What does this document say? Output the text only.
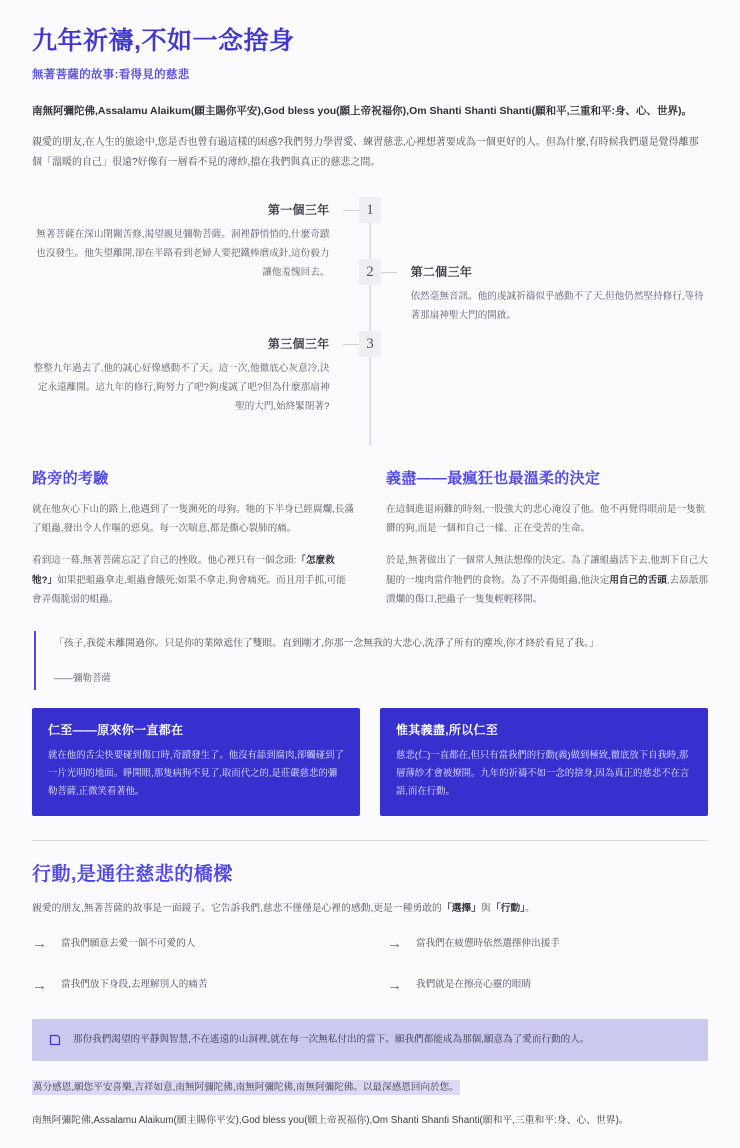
九年祈禱,不如一念捨身
無著菩薩的故事:看得見的慈悲

南無阿彌陀佛,Assalamu Alaikum(願主賜你平安),God bless you(願上帝祝福你),Om Shanti Shanti Shanti(願和平,三重和平:身、心、世界)。

親愛的朋友,在人生的旅途中,您是否也曾有過這樣的困惑?我們努力學習愛、練習慈悲,心裡想著要成為一個更好的人。但為什麼,有時候我們還是覺得離那個「溫暖的自己」很遠?好像有一層看不見的薄紗,擋在我們與真正的慈悲之間。

1
第一個三年
無著菩薩在深山閉關苦修,渴望親見彌勒菩薩。洞裡靜悄悄的,什麼奇蹟也沒發生。他失望離開,卻在半路看到老婦人要把鐵棒磨成針,這份毅力讓他羞愧回去。	2	第二個三年
依然毫無音訊。他的虔誠祈禱似乎感動不了天,但他仍然堅持修行,等待著那扇神聖大門的開啟。
3
第三個三年
整整九年過去了,他的誠心好像感動不了天。這一次,他徹底心灰意冷,決定永遠離開。這九年的修行,夠努力了吧?夠虔誠了吧?但為什麼那扇神聖的大門,始終緊閉著?
路旁的考驗

就在他灰心下山的路上,他遇到了一隻瀕死的母狗。牠的下半身已經腐爛,長滿了蛆蟲,發出令人作嘔的惡臭。每一次喘息,都是撕心裂肺的痛。

看到這一幕,無著菩薩忘記了自己的挫敗。他心裡只有一個念頭:「怎麼救牠?」如果把蛆蟲拿走,蛆蟲會餓死;如果不拿走,狗會痛死。而且用手抓,可能會弄傷脆弱的蛆蟲。

義盡——最瘋狂也最溫柔的決定

在這個進退兩難的時刻,一股強大的悲心淹沒了他。他不再覺得眼前是一隻骯髒的狗,而是一個和自己一樣、正在受苦的生命。

於是,無著做出了一個常人無法想像的決定。為了讓蛆蟲活下去,他割下自己大腿的一塊肉當作牠們的食物。為了不弄傷蛆蟲,他決定用自己的舌頭,去舔舐那潰爛的傷口,把蟲子一隻隻輕輕移開。

「孩子,我從未離開過你。只是你的業障遮住了雙眼。直到剛才,你那一念無我的大悲心,洗淨了所有的塵埃,你才終於看見了我。」

——彌勒菩薩

仁至——原來你一直都在
就在他的舌尖快要碰到傷口時,奇蹟發生了。他沒有舔到腐肉,卻觸碰到了一片光明的地面。睜開眼,那隻病狗不見了,取而代之的,是莊嚴慈悲的彌勒菩薩,正微笑看著他。
惟其義盡,所以仁至
慈悲(仁)一直都在,但只有當我們的行動(義)做到極致,徹底放下自我時,那層薄紗才會被撩開。九年的祈禱不如一念的捨身,因為真正的慈悲不在言語,而在行動。
行動,是通往慈悲的橋樑

親愛的朋友,無著菩薩的故事是一面鏡子。它告訴我們,慈悲不僅僅是心裡的感動,更是一種勇敢的「選擇」與「行動」。

→ 當我們願意去愛一個不可愛的人	→ 當我們在疲憊時依然選擇伸出援手
→ 當我們放下身段,去理解別人的痛苦	→ 我們就是在擦亮心靈的眼睛
那份我們渴望的平靜與智慧,不在遙遠的山洞裡,就在每一次無私付出的當下。願我們都能成為那個,願意為了愛而行動的人。

萬分感恩,願您平安喜樂,吉祥如意,南無阿彌陀佛,南無阿彌陀佛,南無阿彌陀佛。以最深感恩回向於您。

南無阿彌陀佛,Assalamu Alaikum(願主賜你平安),God bless you(願上帝祝福你),Om Shanti Shanti Shanti(願和平,三重和平:身、心、世界)。
